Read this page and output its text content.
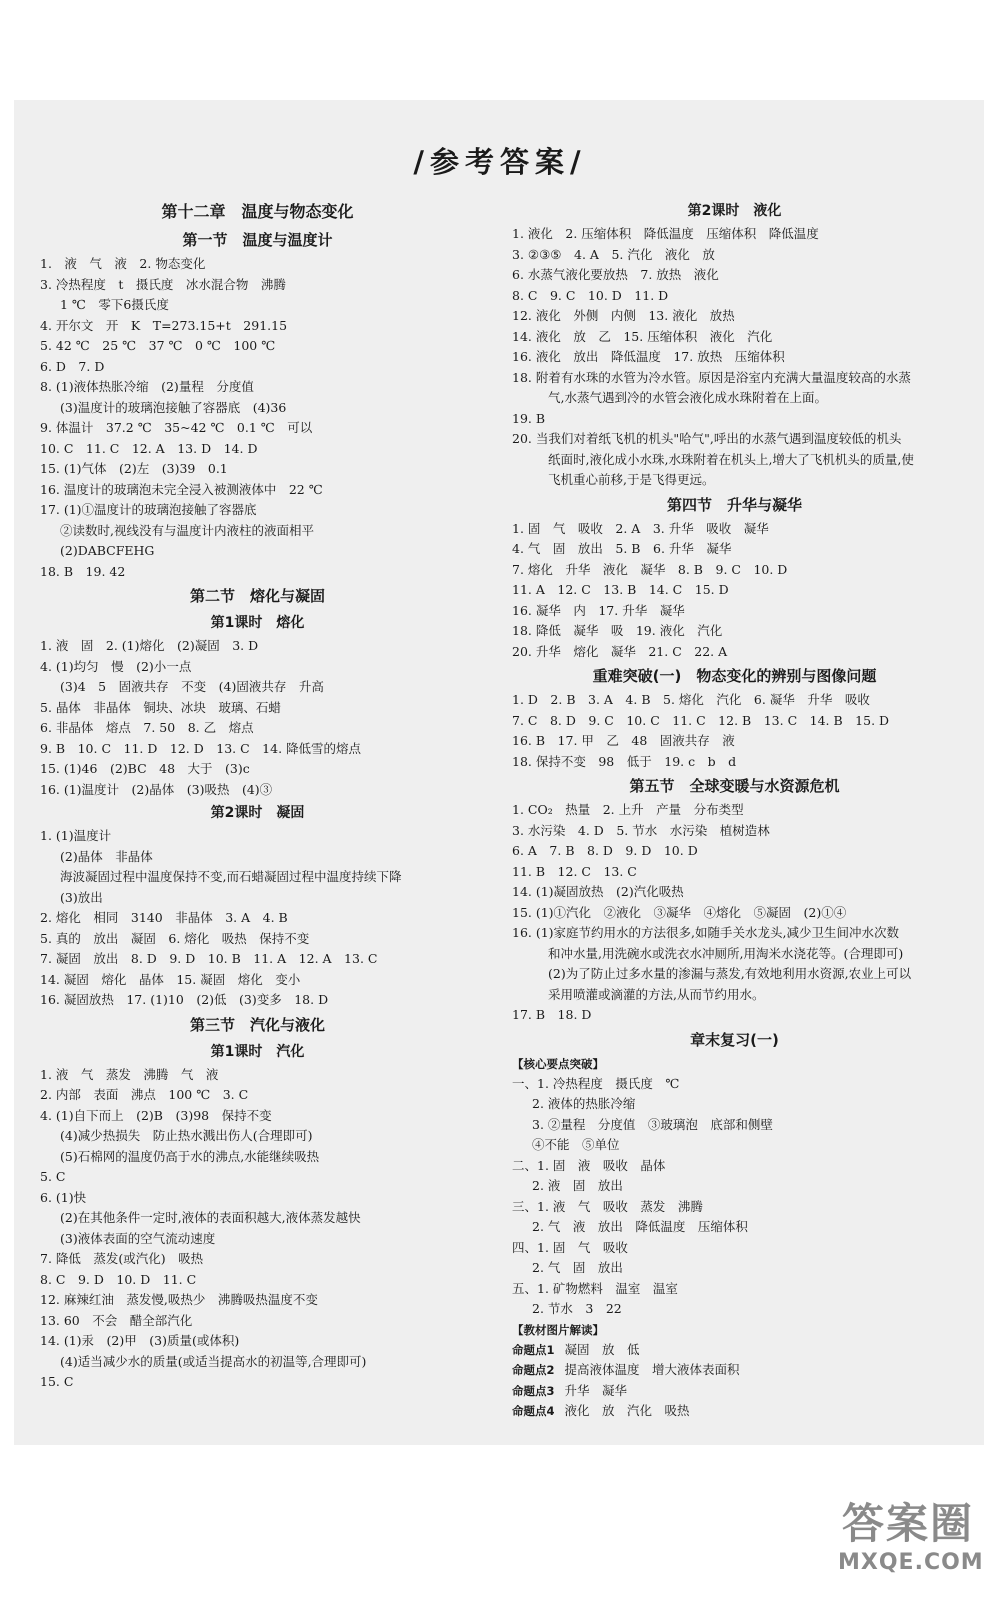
/参考答案/
第十二章　温度与物态变化
第一节　温度与温度计
1.　液　气　液　2. 物态变化
3. 冷热程度　t　摄氏度　冰水混合物　沸腾
1 ℃　零下6摄氏度
4. 开尔文　开　K　T=273.15+t　291.15
5. 42 ℃　25 ℃　37 ℃　0 ℃　100 ℃
6. D　7. D
8. (1)液体热胀冷缩　(2)量程　分度值
(3)温度计的玻璃泡接触了容器底　(4)36
9. 体温计　37.2 ℃　35~42 ℃　0.1 ℃　可以
10. C　11. C　12. A　13. D　14. D
15. (1)气体　(2)左　(3)39　0.1
16. 温度计的玻璃泡未完全浸入被测液体中　22 ℃
17. (1)①温度计的玻璃泡接触了容器底
②读数时,视线没有与温度计内液柱的液面相平
(2)DABCFEHG
18. B　19. 42
第二节　熔化与凝固
第1课时　熔化
1. 液　固　2. (1)熔化　(2)凝固　3. D
4. (1)均匀　慢　(2)小一点
(3)4　5　固液共存　不变　(4)固液共存　升高
5. 晶体　非晶体　铜块、冰块　玻璃、石蜡
6. 非晶体　熔点　7. 50　8. 乙　熔点
9. B　10. C　11. D　12. D　13. C　14. 降低雪的熔点
15. (1)46　(2)BC　48　大于　(3)c
16. (1)温度计　(2)晶体　(3)吸热　(4)③
第2课时　凝固
1. (1)温度计
(2)晶体　非晶体
海波凝固过程中温度保持不变,而石蜡凝固过程中温度持续下降
(3)放出
2. 熔化　相同　3140　非晶体　3. A　4. B
5. 真的　放出　凝固　6. 熔化　吸热　保持不变
7. 凝固　放出　8. D　9. D　10. B　11. A　12. A　13. C
14. 凝固　熔化　晶体　15. 凝固　熔化　变小
16. 凝固放热　17. (1)10　(2)低　(3)变多　18. D
第三节　汽化与液化
第1课时　汽化
1. 液　气　蒸发　沸腾　气　液
2. 内部　表面　沸点　100 ℃　3. C
4. (1)自下而上　(2)B　(3)98　保持不变
(4)减少热损失　防止热水溅出伤人(合理即可)
(5)石棉网的温度仍高于水的沸点,水能继续吸热
5. C
6. (1)快
(2)在其他条件一定时,液体的表面积越大,液体蒸发越快
(3)液体表面的空气流动速度
7. 降低　蒸发(或汽化)　吸热
8. C　9. D　10. D　11. C
12. 麻辣红油　蒸发慢,吸热少　沸腾吸热温度不变
13. 60　不会　醋全部汽化
14. (1)汞　(2)甲　(3)质量(或体积)
(4)适当减少水的质量(或适当提高水的初温等,合理即可)
15. C
第2课时　液化
1. 液化　2. 压缩体积　降低温度　压缩体积　降低温度
3. ②③⑤　4. A　5. 汽化　液化　放
6. 水蒸气液化要放热　7. 放热　液化
8. C　9. C　10. D　11. D
12. 液化　外侧　内侧　13. 液化　放热
14. 液化　放　乙　15. 压缩体积　液化　汽化
16. 液化　放出　降低温度　17. 放热　压缩体积
18. 附着有水珠的水管为冷水管。原因是浴室内充满大量温度较高的水蒸
气,水蒸气遇到冷的水管会液化成水珠附着在上面。
19. B
20. 当我们对着纸飞机的机头"哈气",呼出的水蒸气遇到温度较低的机头
纸面时,液化成小水珠,水珠附着在机头上,增大了飞机机头的质量,使
飞机重心前移,于是飞得更远。
第四节　升华与凝华
1. 固　气　吸收　2. A　3. 升华　吸收　凝华
4. 气　固　放出　5. B　6. 升华　凝华
7. 熔化　升华　液化　凝华　8. B　9. C　10. D
11. A　12. C　13. B　14. C　15. D
16. 凝华　内　17. 升华　凝华
18. 降低　凝华　吸　19. 液化　汽化
20. 升华　熔化　凝华　21. C　22. A
重难突破(一)　物态变化的辨别与图像问题
1. D　2. B　3. A　4. B　5. 熔化　汽化　6. 凝华　升华　吸收
7. C　8. D　9. C　10. C　11. C　12. B　13. C　14. B　15. D
16. B　17. 甲　乙　48　固液共存　液
18. 保持不变　98　低于　19. c　b　d
第五节　全球变暖与水资源危机
1. CO₂　热量　2. 上升　产量　分布类型
3. 水污染　4. D　5. 节水　水污染　植树造林
6. A　7. B　8. D　9. D　10. D
11. B　12. C　13. C
14. (1)凝固放热　(2)汽化吸热
15. (1)①汽化　②液化　③凝华　④熔化　⑤凝固　(2)①④
16. (1)家庭节约用水的方法很多,如随手关水龙头,减少卫生间冲水次数
和冲水量,用洗碗水或洗衣水冲厕所,用淘米水浇花等。(合理即可)
(2)为了防止过多水量的渗漏与蒸发,有效地利用水资源,农业上可以
采用喷灌或滴灌的方法,从而节约用水。
17. B　18. D
章末复习(一)
【核心要点突破】
一、1. 冷热程度　摄氏度　℃
2. 液体的热胀冷缩
3. ②量程　分度值　③玻璃泡　底部和侧壁
④不能　⑤单位
二、1. 固　液　吸收　晶体
2. 液　固　放出
三、1. 液　气　吸收　蒸发　沸腾
2. 气　液　放出　降低温度　压缩体积
四、1. 固　气　吸收
2. 气　固　放出
五、1. 矿物燃料　温室　温室
2. 节水　3　22
【教材图片解读】
命题点1 凝固　放　低
命题点2 提高液体温度　增大液体表面积
命题点3 升华　凝华
命题点4 液化　放　汽化　吸热
答案圈
MXQE.COM
